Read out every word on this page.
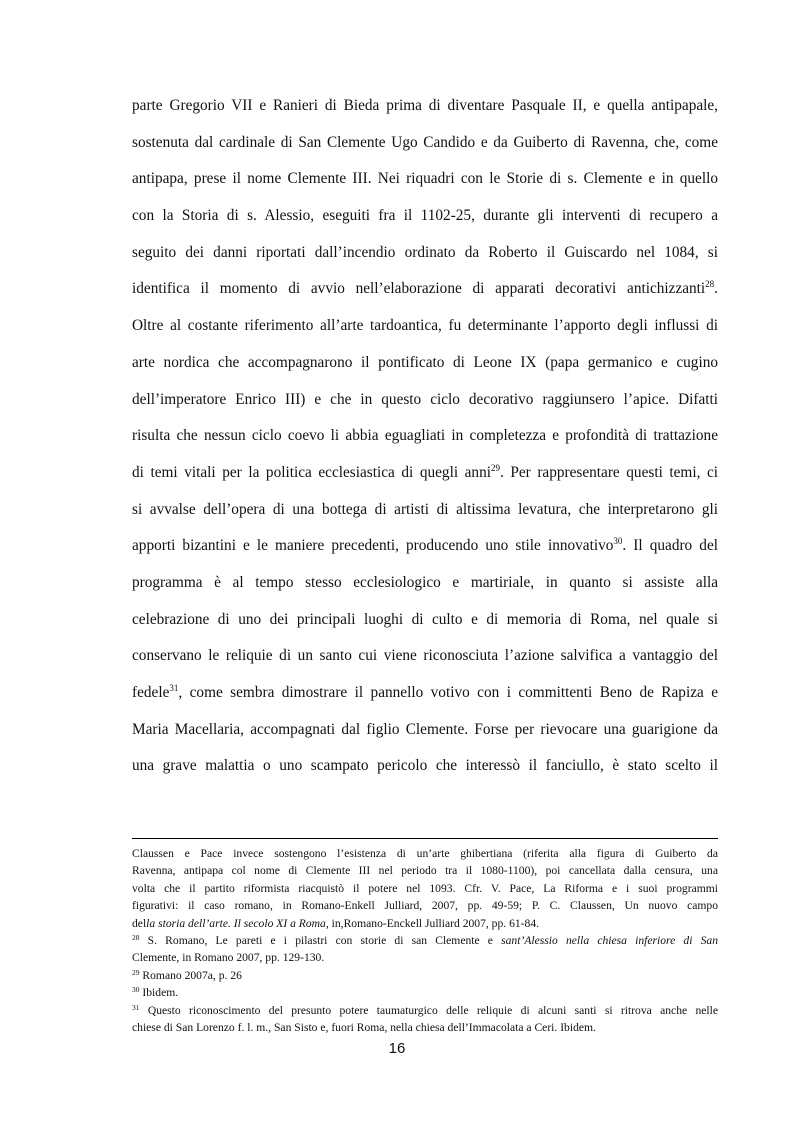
parte Gregorio VII e Ranieri di Bieda prima di diventare Pasquale II, e quella antipapale,
sostenuta dal cardinale di San Clemente Ugo Candido e da Guiberto di Ravenna, che, come
antipapa, prese il nome Clemente III. Nei riquadri con le Storie di s. Clemente e in quello
con la Storia di s. Alessio, eseguiti fra il 1102-25, durante gli interventi di recupero a
seguito dei danni riportati dall’incendio ordinato da Roberto il Guiscardo nel 1084, si
identifica il momento di avvio nell’elaborazione di apparati decorativi antichizzanti$^{28}$.
Oltre al costante riferimento all’arte tardoantica, fu determinante l’apporto degli influssi di
arte nordica che accompagnarono il pontificato di Leone IX (papa germanico e cugino
dell’imperatore Enrico III) e che in questo ciclo decorativo raggiunsero l’apice. Difatti
risulta che nessun ciclo coevo li abbia eguagliati in completezza e profondità di trattazione
di temi vitali per la politica ecclesiastica di quegli anni$^{29}$. Per rappresentare questi temi, ci
si avvalse dell’opera di una bottega di artisti di altissima levatura, che interpretarono gli
apporti bizantini e le maniere precedenti, producendo uno stile innovativo$^{30}$. Il quadro del
programma è al tempo stesso ecclesiologico e martiriale, in quanto si assiste alla
celebrazione di uno dei principali luoghi di culto e di memoria di Roma, nel quale si
conservano le reliquie di un santo cui viene riconosciuta l’azione salvifica a vantaggio del
fedele$^{31}$, come sembra dimostrare il pannello votivo con i committenti Beno de Rapiza e
Maria Macellaria, accompagnati dal figlio Clemente. Forse per rievocare una guarigione da
una grave malattia o uno scampato pericolo che interessò il fanciullo, è stato scelto il
Claussen e Pace invece sostengono l’esistenza di un’arte ghibertiana (riferita alla figura di Guiberto da
Ravenna, antipapa col nome di Clemente III nel periodo tra il 1080-1100), poi cancellata dalla censura, una
volta che il partito riformista riacquistò il potere nel 1093. Cfr. V. Pace, La Riforma e i suoi programmi
figurativi: il caso romano, in Romano-Enkell Julliard, 2007, pp. 49-59; P. C. Claussen, Un nuovo campo
della storia dell’arte. Il secolo XI a Roma, in,Romano-Enckell Julliard 2007, pp. 61-84.
$^{28}$ S. Romano, Le pareti e i pilastri con storie di san Clemente e sant’Alessio nella chiesa inferiore di San
Clemente, in Romano 2007, pp. 129-130.
$^{29}$ Romano 2007a, p. 26
$^{30}$ Ibidem.
$^{31}$ Questo riconoscimento del presunto potere taumaturgico delle reliquie di alcuni santi si ritrova anche nelle
chiese di San Lorenzo f. l. m., San Sisto e, fuori Roma, nella chiesa dell’Immacolata a Ceri. Ibidem.
16
